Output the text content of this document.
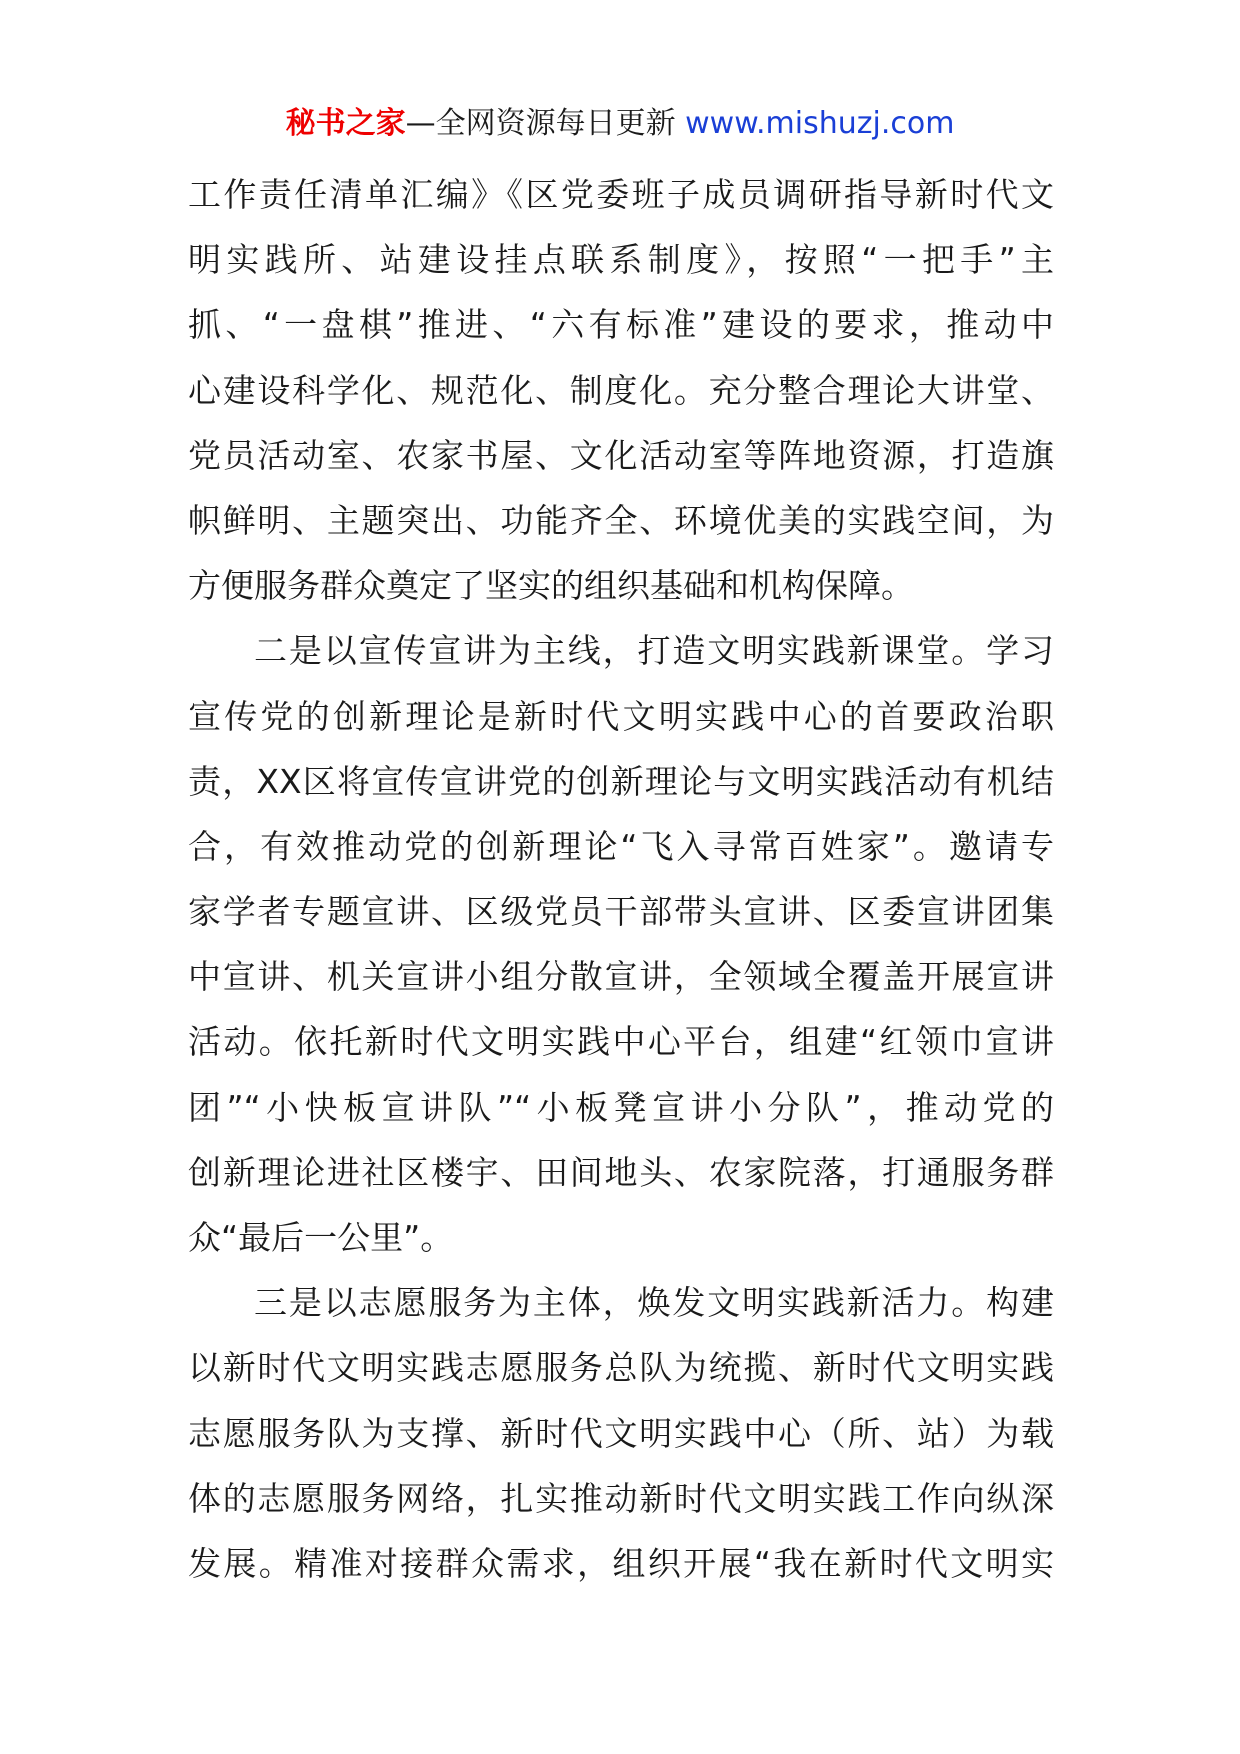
秘书之家—全网资源每日更新 www.mishuzj.com
工作责任清单汇编》《区党委班子成员调研指导新时代文
明实践所、站建设挂点联系制度》，按照“一把手”主
抓、“一盘棋”推进、“六有标准”建设的要求，推动中
心建设科学化、规范化、制度化。充分整合理论大讲堂、
党员活动室、农家书屋、文化活动室等阵地资源，打造旗
帜鲜明、主题突出、功能齐全、环境优美的实践空间，为
方便服务群众奠定了坚实的组织基础和机构保障。
二是以宣传宣讲为主线，打造文明实践新课堂。学习
宣传党的创新理论是新时代文明实践中心的首要政治职
责，XX区将宣传宣讲党的创新理论与文明实践活动有机结
合，有效推动党的创新理论“飞入寻常百姓家”。邀请专
家学者专题宣讲、区级党员干部带头宣讲、区委宣讲团集
中宣讲、机关宣讲小组分散宣讲，全领域全覆盖开展宣讲
活动。依托新时代文明实践中心平台，组建“红领巾宣讲
团”“小快板宣讲队”“小板凳宣讲小分队”，推动党的
创新理论进社区楼宇、田间地头、农家院落，打通服务群
众“最后一公里”。
三是以志愿服务为主体，焕发文明实践新活力。构建
以新时代文明实践志愿服务总队为统揽、新时代文明实践
志愿服务队为支撑、新时代文明实践中心（所、站）为载
体的志愿服务网络，扎实推动新时代文明实践工作向纵深
发展。精准对接群众需求，组织开展“我在新时代文明实
